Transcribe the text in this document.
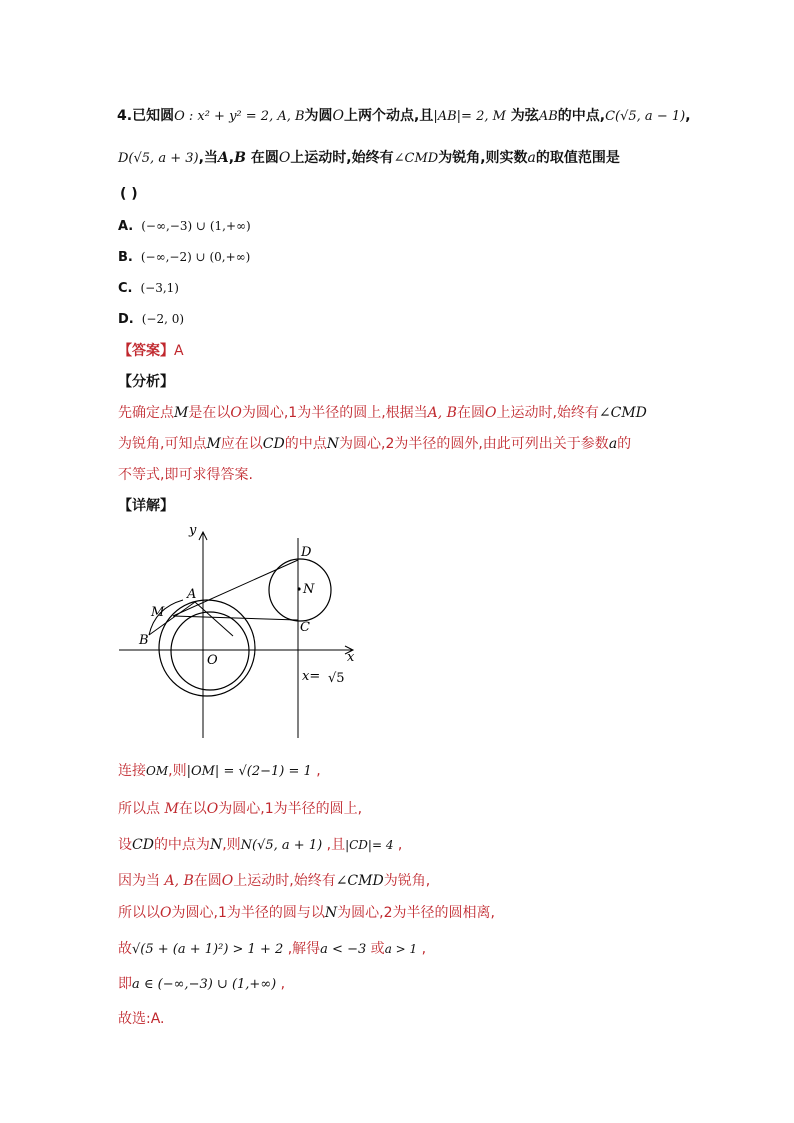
4.已知圆O : x² + y² = 2, A, B为圆O上两个动点,且|AB|= 2, M 为弦AB的中点,C(√5, a − 1),
D(√5, a + 3),当A,B 在圆O上运动时,始终有∠CMD为锐角,则实数a的取值范围是
( )
A. (−∞,−3) ∪ (1,+∞)
B. (−∞,−2) ∪ (0,+∞)
C. (−3,1)
D. (−2, 0)
【答案】A
【分析】
先确定点M是在以O为圆心,1为半径的圆上,根据当A, B在圆O上运动时,始终有∠CMD
为锐角,可知点M应在以CD的中点N为圆心,2为半径的圆外,由此可列出关于参数a的
不等式,即可求得答案.
【详解】
y
x
D
N
A
M
B
C
O
x= √5
连接OM,则|OM| = √(2−1) = 1 ,
所以点 M在以O为圆心,1为半径的圆上,
设CD的中点为N,则N(√5, a + 1) ,且|CD|= 4 ,
因为当 A, B在圆O上运动时,始终有∠CMD为锐角,
所以以O为圆心,1为半径的圆与以N为圆心,2为半径的圆相离,
故√(5 + (a + 1)²) > 1 + 2 ,解得a < −3 或a > 1 ,
即a ∈ (−∞,−3) ∪ (1,+∞) ,
故选:A.
